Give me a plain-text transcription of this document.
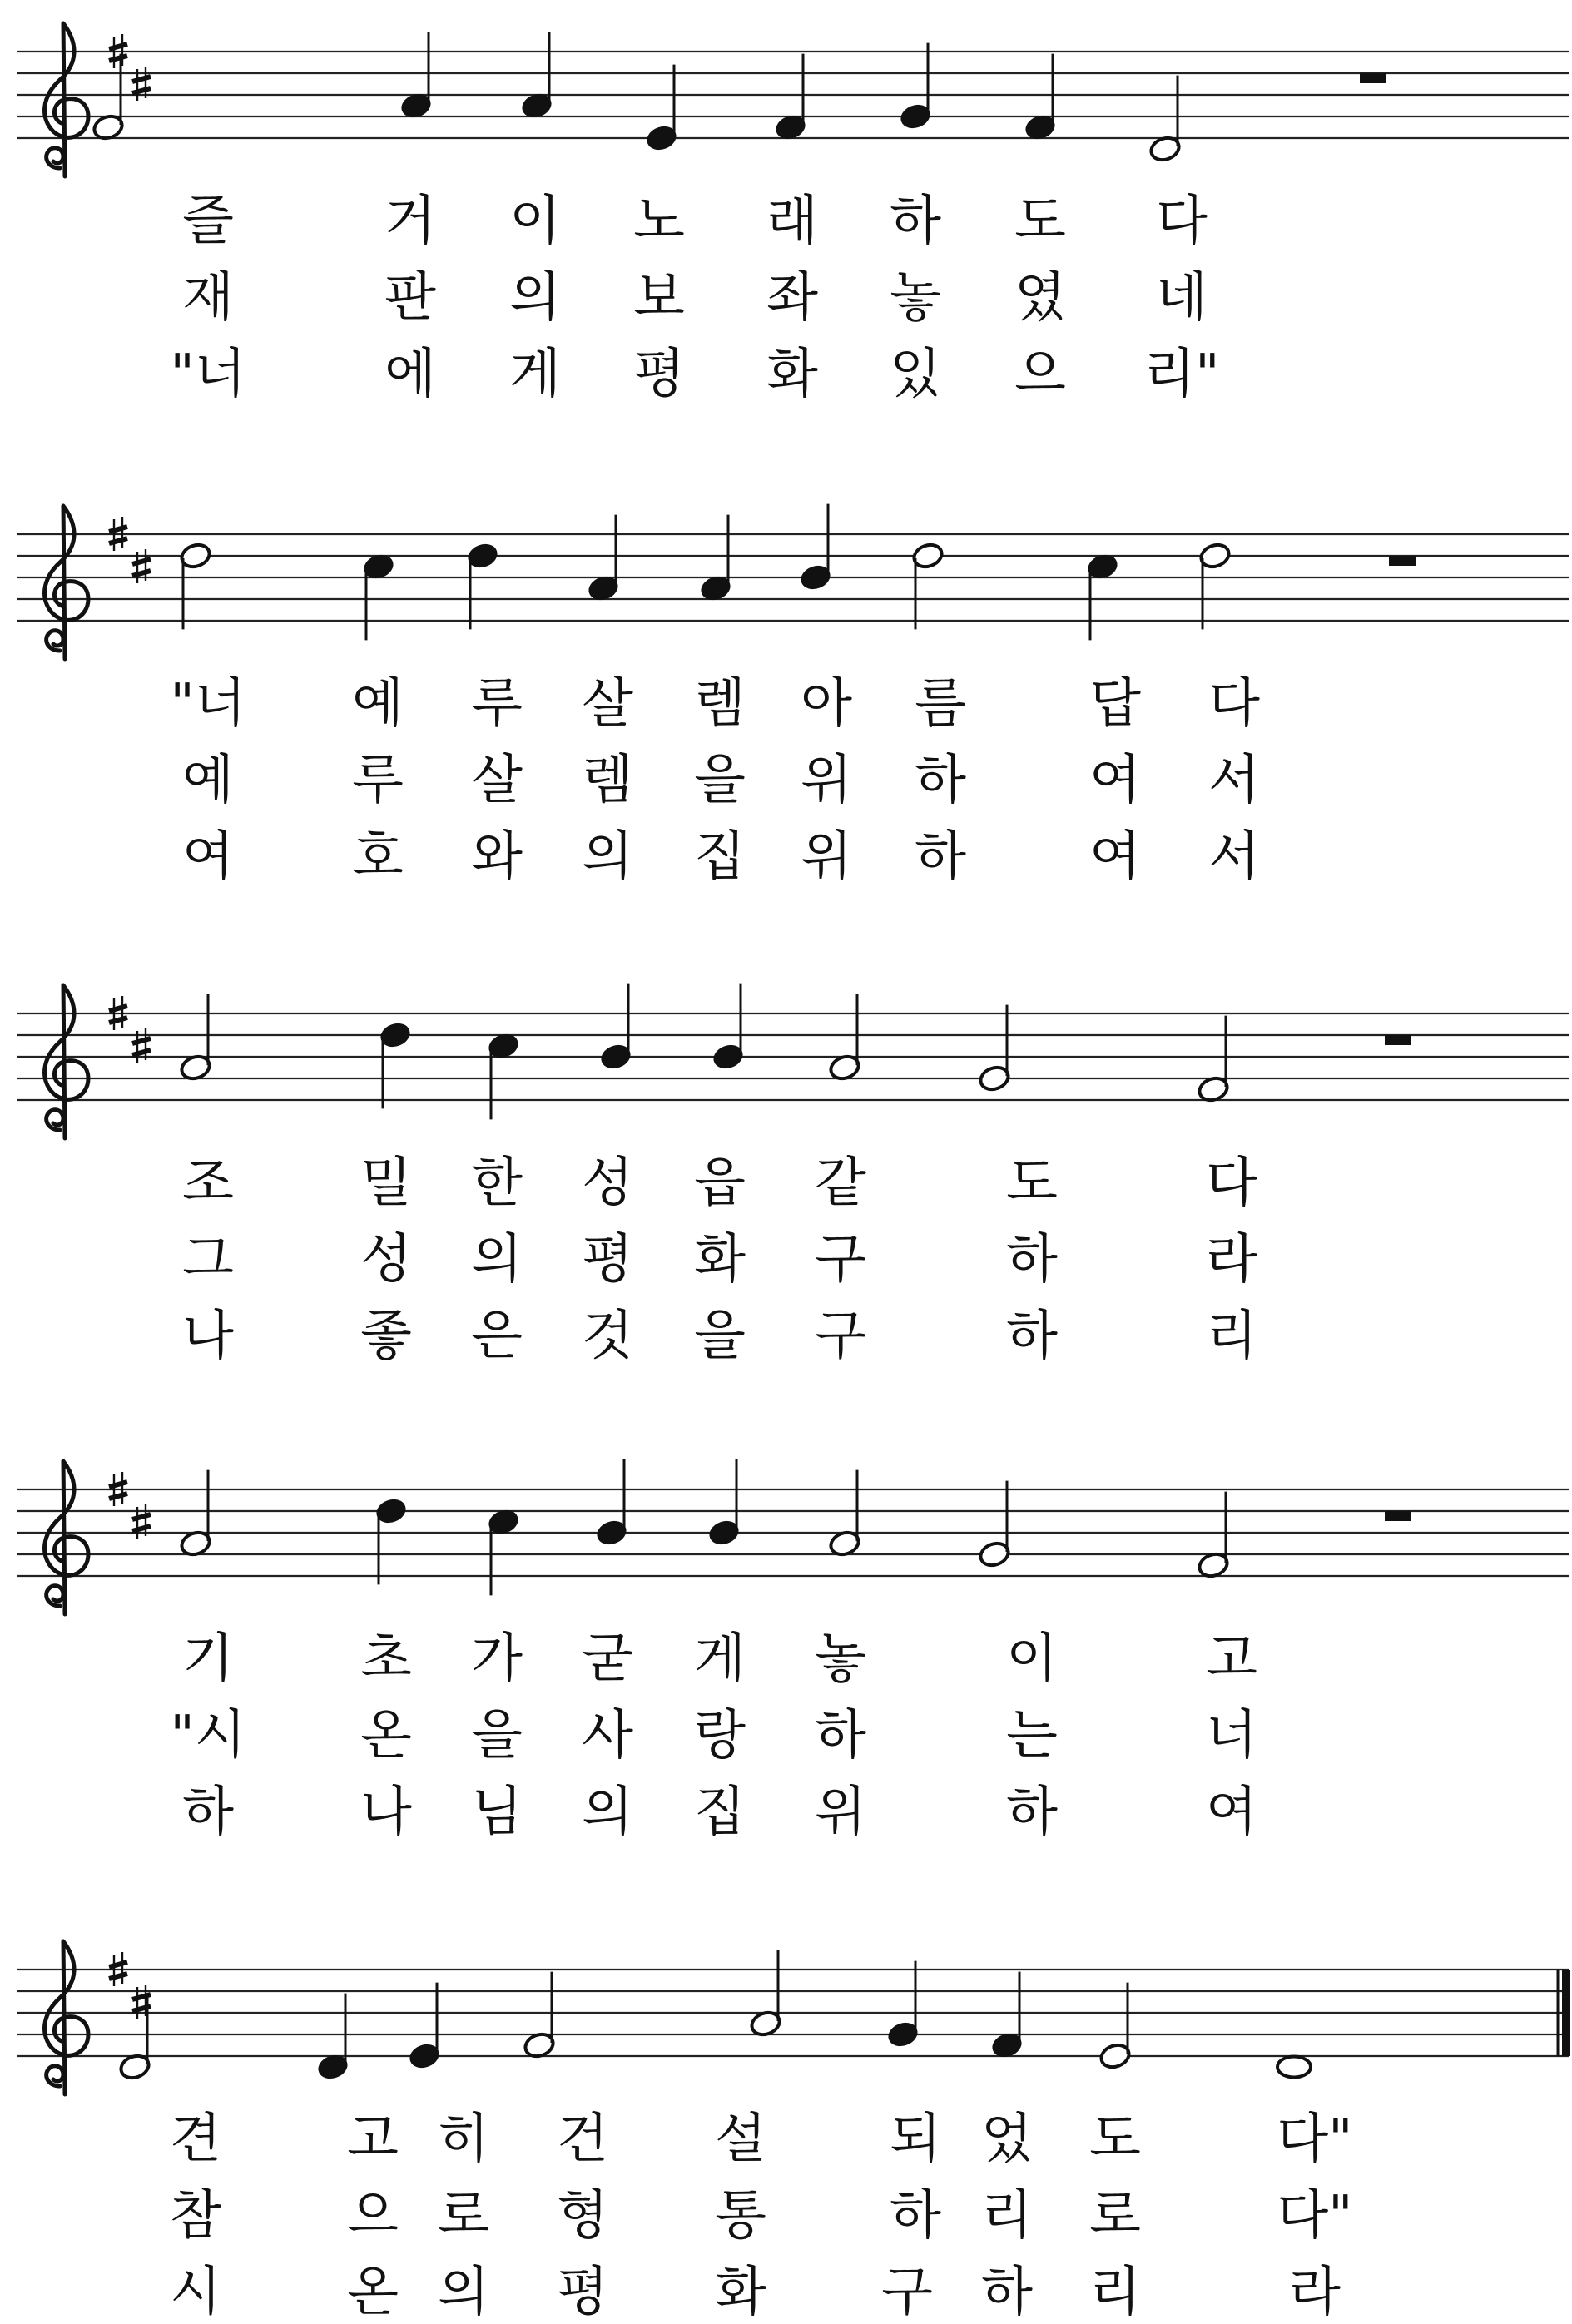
즐	거 이 노 래 하 도 다
재	판 의 보 좌 놓 였 네
"너	에 게 평 화 있 으 리"
"너 예 루 살 렘 아 름 답 다
예 루 살 렘 을 위 하 여 서
여 호 와 의 집 위 하 여 서
조 밀 한 성 읍 같	도	다
그 성 의 평 화 구	하	라
나 좋 은 것 을 구	하	리
기 초 가 굳 게 놓	이	고
"시 온 을 사 랑 하	는	너
하 나 님 의 집 위	하	여
견 고 히 건 설 되 었 도	다"
참 으 로 형 통 하 리 로	다"
시 온 의 평 화 구 하 리	라
